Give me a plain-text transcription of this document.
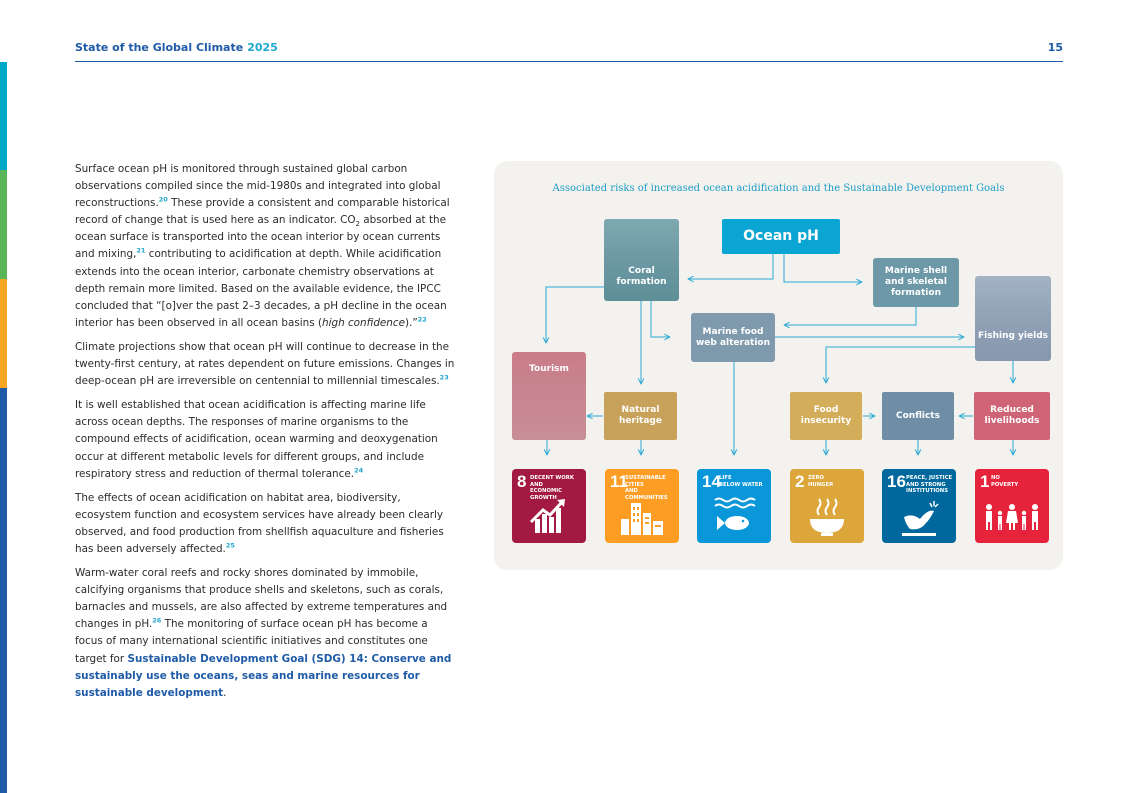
State of the Global Climate 2025	15

Surface ocean pH is monitored through sustained global carbon observations compiled since the mid-1980s and integrated into global reconstructions.$^{20}$ These provide a consistent and comparable historical record of change that is used here as an indicator. $CO_2$ absorbed at the ocean surface is transported into the ocean interior by ocean currents and mixing,$^{21}$ contributing to acidification at depth. While acidification extends into the ocean interior, carbonate chemistry observations at depth remain more limited. Based on the available evidence, the IPCC concluded that “[o]ver the past 2–3 decades, a pH decline in the ocean interior has been observed in all ocean basins (high confidence).”$^{22}$

Climate projections show that ocean pH will continue to decrease in the twenty-first century, at rates dependent on future emissions. Changes in deep-ocean pH are irreversible on centennial to millennial timescales.$^{23}$

It is well established that ocean acidification is affecting marine life across ocean depths. The responses of marine organisms to the compound effects of acidification, ocean warming and deoxygenation occur at different metabolic levels for different groups, and include respiratory stress and reduction of thermal tolerance.$^{24}$

The effects of ocean acidification on habitat area, biodiversity, ecosystem function and ecosystem services have already been clearly observed, and food production from shellfish aquaculture and fisheries has been adversely affected.$^{25}$

Warm-water coral reefs and rocky shores dominated by immobile, calcifying organisms that produce shells and skeletons, such as corals, barnacles and mussels, are also affected by extreme temperatures and changes in pH.$^{26}$ The monitoring of surface ocean pH has become a focus of many international scientific initiatives and constitutes one target for Sustainable Development Goal (SDG) 14: Conserve and sustainably use the oceans, seas and marine resources for sustainable development.

Associated risks of increased ocean acidification and the Sustainable Development Goals
Ocean pH
Coral formation
Marine shell and skeletal formation
Marine food web alteration
Fishing yields
Tourism
Natural heritage
Food insecurity
Conflicts
Reduced livelihoods
8 DECENT WORK AND
ECONOMIC GROWTH
11
SUSTAINABLE CITIES
AND COMMUNITIES
14
LIFE
BELOW WATER 2 ZERO
HUNGER	16 PEACE, JUSTICE
AND STRONG
INSTITUTIONS
1 NO
POVERTY
